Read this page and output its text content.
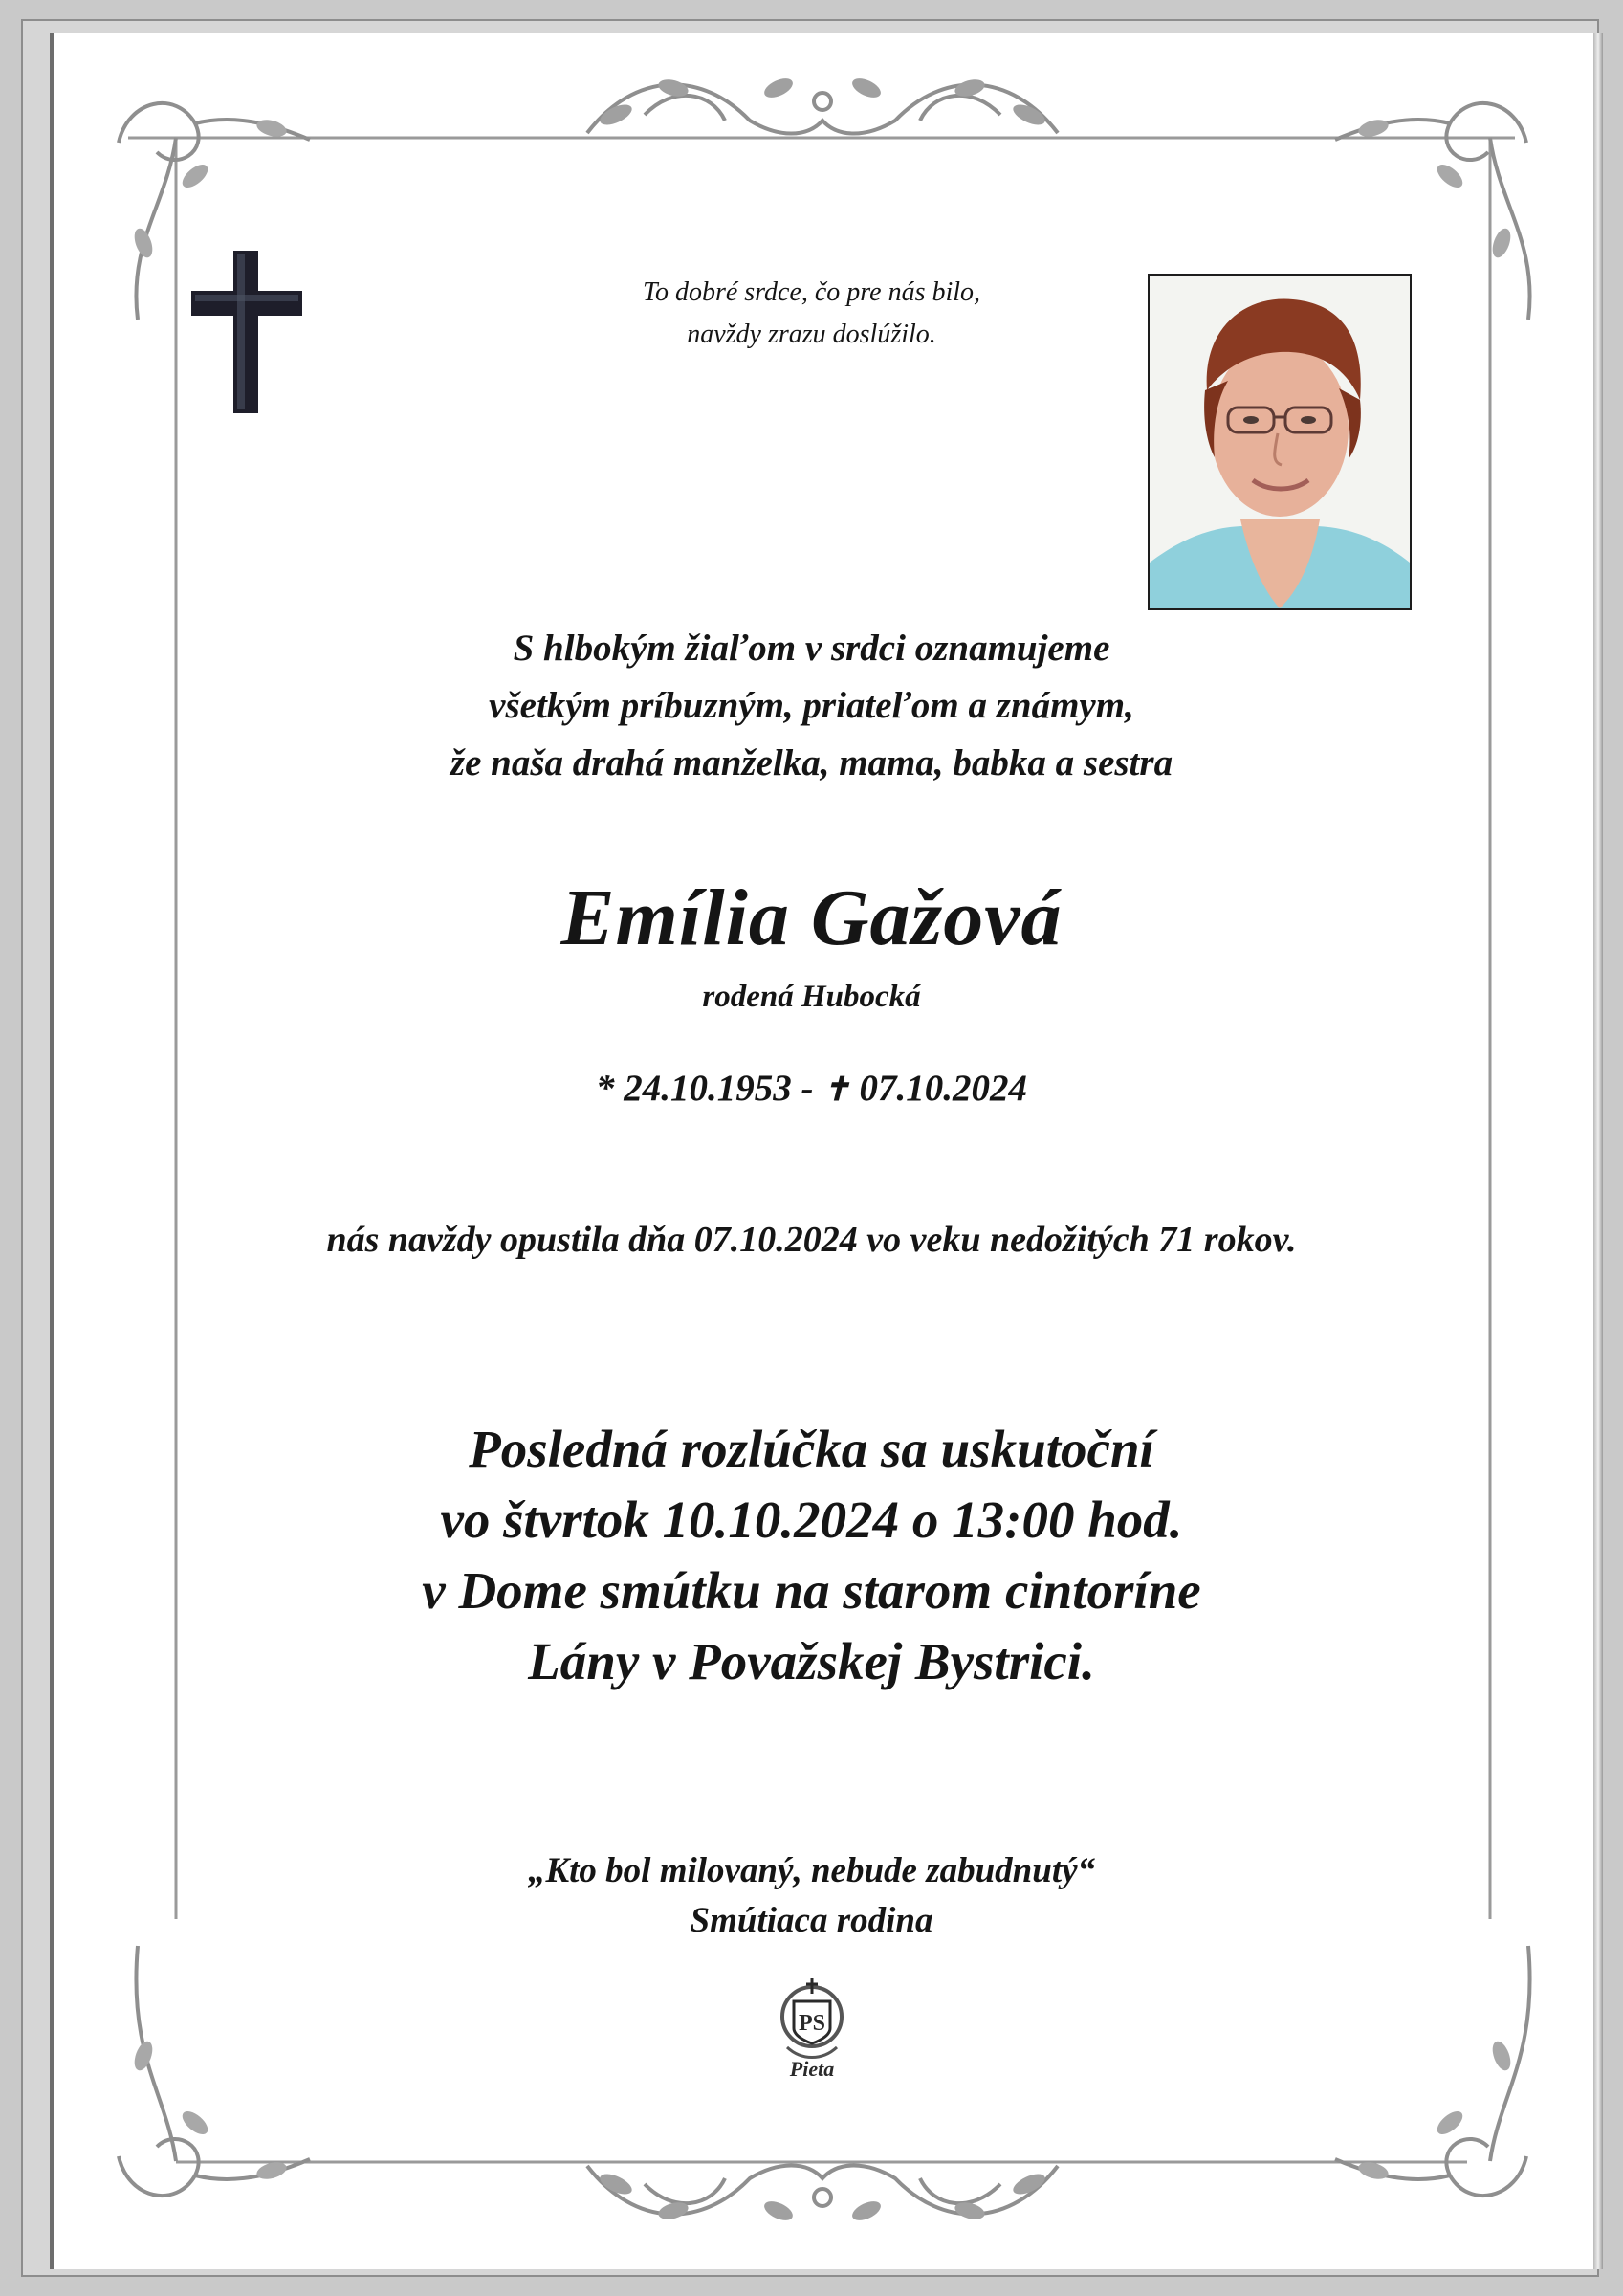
To dobré srdce, čo pre nás bilo,
navždy zrazu doslúžilo.
S hlbokým žiaľom v srdci oznamujeme
všetkým príbuzným, priateľom a známym,
že naša drahá manželka, mama, babka a sestra
Emília Gažová
rodená Hubocká
* 24.10.1953 - ✝ 07.10.2024
nás navždy opustila dňa 07.10.2024 vo veku nedožitých 71 rokov.
Posledná rozlúčka sa uskutoční
vo štvrtok 10.10.2024 o 13:00 hod.
v Dome smútku na starom cintoríne
Lány v Považskej Bystrici.
„Kto bol milovaný, nebude zabudnutý“
Smútiaca rodina
PS
Pieta
